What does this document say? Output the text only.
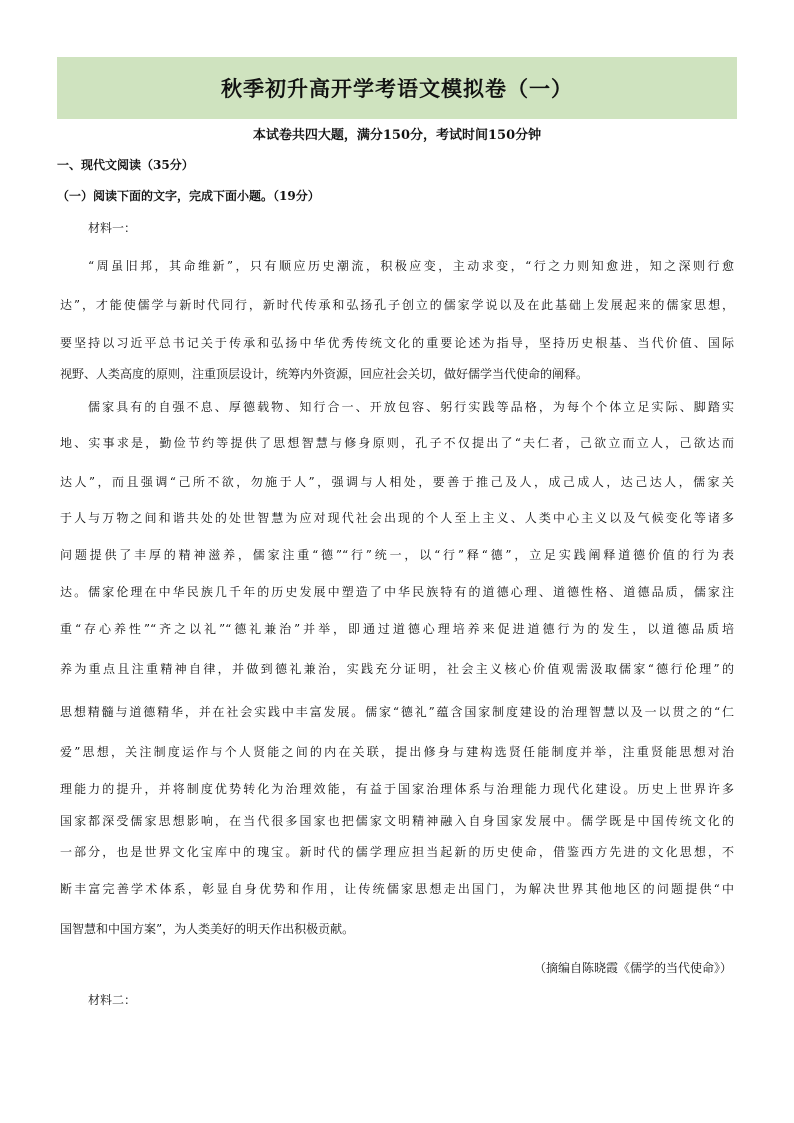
秋季初升高开学考语文模拟卷（一）
本试卷共四大题，满分150分，考试时间150分钟
一、现代文阅读（35分）
（一）阅读下面的文字，完成下面小题。（19分）
材料一：
“周虽旧邦，其命维新”，只有顺应历史潮流，积极应变，主动求变，“行之力则知愈进，知之深则行愈
达”，才能使儒学与新时代同行，新时代传承和弘扬孔子创立的儒家学说以及在此基础上发展起来的儒家思想，
要坚持以习近平总书记关于传承和弘扬中华优秀传统文化的重要论述为指导，坚持历史根基、当代价值、国际
视野、人类高度的原则，注重顶层设计，统筹内外资源，回应社会关切，做好儒学当代使命的阐释。
儒家具有的自强不息、厚德载物、知行合一、开放包容、躬行实践等品格，为每个个体立足实际、脚踏实
地、实事求是，勤俭节约等提供了思想智慧与修身原则，孔子不仅提出了“夫仁者，己欲立而立人，己欲达而
达人”，而且强调“己所不欲，勿施于人”，强调与人相处，要善于推己及人，成己成人，达己达人，儒家关
于人与万物之间和谐共处的处世智慧为应对现代社会出现的个人至上主义、人类中心主义以及气候变化等诸多
问题提供了丰厚的精神滋养，儒家注重“德”“行”统一，以“行”释“德”，立足实践阐释道德价值的行为表
达。儒家伦理在中华民族几千年的历史发展中塑造了中华民族特有的道德心理、道德性格、道德品质，儒家注
重“存心养性”“齐之以礼”“德礼兼治”并举，即通过道德心理培养来促进道德行为的发生，以道德品质培
养为重点且注重精神自律，并做到德礼兼治，实践充分证明，社会主义核心价值观需汲取儒家“德行伦理”的
思想精髓与道德精华，并在社会实践中丰富发展。儒家“德礼”蕴含国家制度建设的治理智慧以及一以贯之的“仁
爱”思想，关注制度运作与个人贤能之间的内在关联，提出修身与建构选贤任能制度并举，注重贤能思想对治
理能力的提升，并将制度优势转化为治理效能，有益于国家治理体系与治理能力现代化建设。历史上世界许多
国家都深受儒家思想影响，在当代很多国家也把儒家文明精神融入自身国家发展中。儒学既是中国传统文化的
一部分，也是世界文化宝库中的瑰宝。新时代的儒学理应担当起新的历史使命，借鉴西方先进的文化思想，不
断丰富完善学术体系，彰显自身优势和作用，让传统儒家思想走出国门，为解决世界其他地区的问题提供“中
国智慧和中国方案”，为人类美好的明天作出积极贡献。
（摘编自陈晓霞《儒学的当代使命》）
材料二：
